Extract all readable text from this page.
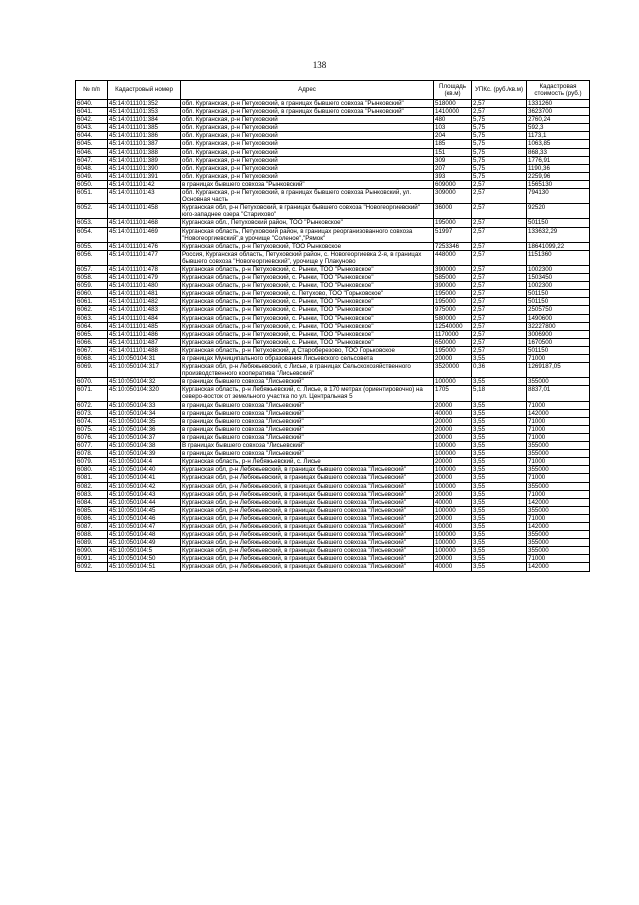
138
№ п/п	Кадастровый номер	Адрес	Площадь (кв.м)	УПКс. (руб./кв.м)	Кадастровая стоимость (руб.)
6040.	45:14:011101:352	обл. Курганская, р-н Петуховский, в границах бывшего совхоза "Рынковский"	518000	2,57	1331260
6041.	45:14:011101:353	обл. Курганская, р-н Петуховский, в границах бывшего совхоза "Рынковский"	1410000	2,57	3623700
6042.	45:14:011101:384	обл. Курганская, р-н Петуховский	480	5,75	2760,24
6043.	45:14:011101:385	обл. Курганская, р-н Петуховский	103	5,75	592,3
6044.	45:14:011101:386	обл. Курганская, р-н Петуховский	204	5,75	1173,1
6045.	45:14:011101:387	обл. Курганская, р-н Петуховский	185	5,75	1063,85
6046.	45:14:011101:388	обл. Курганская, р-н Петуховский	151	5,75	868,33
6047.	45:14:011101:389	обл. Курганская, р-н Петуховский	309	5,75	1776,91
6048.	45:14:011101:390	обл. Курганская, р-н Петуховский	207	5,75	1190,36
6049.	45:14:011101:391	обл. Курганская, р-н Петуховский	393	5,75	2259,96
6050.	45:14:011101:42	в границах бывшего совхоза "Рынковский"	609000	2,57	1565130
6051.	45:14:011101:43	обл. Курганская, р-н Петуховский, в границах бывшего совхоза Рынковский, ул. Основная часть	309000	2,57	794130
6052.	45:14:011101:458	Курганская обл, р-н Петуховский, в границах бывшего совхоза "Новогеоргиевский" юго-западнее озера "Старихово"	36000	2,57	92520
6053.	45:14:011101:468	Курганская обл., Петуховский район, ТОО "Рынковское"	195000	2,57	501150
6054.	45:14:011101:469	Курганская область, Петуховский район, в границах реорганизованного совхоза "Новогеоргиевский",в урочище "Соленое","Рямок"	51997	2,57	133632,29
6055.	45:14:011101:476	Курганская область, р-н Петуховский, ТОО Рынковское	7253346	2,57	18641099,22
6056.	45:14:011101:477	Россия, Курганская область, Петуховский район, с. Новогеоргиевка 2-я, в границах бывшего совхоза "Новогеоргиевский", урочище у Плакуново	448000	2,57	1151360
6057.	45:14:011101:478	Курганская область, р-н Петуховский, с. Рынки, ТОО "Рынковское"	390000	2,57	1002300
6058.	45:14:011101:479	Курганская область, р-н Петуховский, с. Рынки, ТОО "Рынковское"	585000	2,57	1503450
6059.	45:14:011101:480	Курганская область, р-н Петуховский, с. Рынки, ТОО "Рынковское"	390000	2,57	1002300
6060.	45:14:011101:481	Курганская область, р-н Петуховский, с. Петухово, ТОО "Горьковское"	195000	2,57	501150
6061.	45:14:011101:482	Курганская область, р-н Петуховский, с. Рынки, ТОО "Рынковское"	195000	2,57	501150
6062.	45:14:011101:483	Курганская область, р-н Петуховский, с. Рынки, ТОО "Рынковское"	975000	2,57	2505750
6063.	45:14:011101:484	Курганская область, р-н Петуховский, с. Рынки, ТОО "Рынковское"	580000	2,57	1490600
6064.	45:14:011101:485	Курганская область, р-н Петуховский, с. Рынки, ТОО "Рынковское"	12540000	2,57	32227800
6065.	45:14:011101:486	Курганская область, р-н Петуховский, с. Рынки, ТОО "Рынковское"	1170000	2,57	3006900
6066.	45:14:011101:487	Курганская область, р-н Петуховский, с. Рынки, ТОО "Рынковское"	650000	2,57	1670500
6067.	45:14:011101:488	Курганская область, р-н Петуховский, д Староберезово, ТОО Горьковское	195000	2,57	501150
6068.	45:10:050104:31	в границах Муниципального образования Лисьевского сельсовета	20000	3,55	71000
6069.	45:10:050104:317	Курганская обл, р-н Лебяжьевский, с Лисье, в границах Сельскохозяйственного производственного кооператива "Лисьевский"	3520000	0,36	1269187,05
6070.	45:10:050104:32	в границах бывшего совхоза "Лисьевский"	100000	3,55	355000
6071.	45:10:050104:320	Курганская область, р-н Лебяжьевский, с. Лисье, в 170 метрах (ориентировочно) на северо-восток от земельного участка по ул. Центральная 5	1705	5,18	8837,01
6072.	45:10:050104:33	в границах бывшего совхоза "Лисьевский"	20000	3,55	71000
6073.	45:10:050104:34	в границах бывшего совхоза "Лисьевский"	40000	3,55	142000
6074.	45:10:050104:35	в границах бывшего совхоза "Лисьевский"	20000	3,55	71000
6075.	45:10:050104:36	в границах бывшего совхоза "Лисьевский"	20000	3,55	71000
6076.	45:10:050104:37	в границах бывшего совхоза "Лисьевский"	20000	3,55	71000
6077.	45:10:050104:38	В границах бывшего совхоза "Лисьевский"	100000	3,55	355000
6078.	45:10:050104:39	в границах бывшего совхоза "Лисьевский"	100000	3,55	355000
6079.	45:10:050104:4	Курганская область, р-н Лебяжьевский, с. Лисье	20000	3,55	71000
6080.	45:10:050104:40	Курганская обл, р-н Лебяжьевский, в границах бывшего совхоза "Лисьевский"	100000	3,55	355000
6081.	45:10:050104:41	Курганская обл, р-н Лебяжьевский, в границах бывшего совхоза "Лисьевский"	20000	3,55	71000
6082.	45:10:050104:42	Курганская обл, р-н Лебяжьевский, в границах бывшего совхоза "Лисьевский"	100000	3,55	355000
6083.	45:10:050104:43	Курганская обл, р-н Лебяжьевский, в границах бывшего совхоза "Лисьевский"	20000	3,55	71000
6084.	45:10:050104:44	Курганская обл, р-н Лебяжьевский, в границах бывшего совхоза "Лисьевский"	40000	3,55	142000
6085.	45:10:050104:45	Курганская обл, р-н Лебяжьевский, в границах бывшего совхоза "Лисьевский"	100000	3,55	355000
6086.	45:10:050104:46	Курганская обл, р-н Лебяжьевский, в границах бывшего совхоза "Лисьевский"	20000	3,55	71000
6087.	45:10:050104:47	Курганская обл, р-н Лебяжьевский, в границах бывшего совхоза "Лисьевский"	40000	3,55	142000
6088.	45:10:050104:48	Курганская обл, р-н Лебяжьевский, в границах бывшего совхоза "Лисьевский"	100000	3,55	355000
6089.	45:10:050104:49	Курганская обл, р-н Лебяжьевский, в границах бывшего совхоза "Лисьевский"	100000	3,55	355000
6090.	45:10:050104:5	Курганская обл, р-н Лебяжьевский, в границах бывшего совхоза "Лисьевский"	100000	3,55	355000
6091.	45:10:050104:50	Курганская обл, р-н Лебяжьевский, в границах бывшего совхоза "Лисьевский"	20000	3,55	71000
6092.	45:10:050104:51	Курганская обл, р-н Лебяжьевский, в границах бывшего совхоза "Лисьевский"	40000	3,55	142000
